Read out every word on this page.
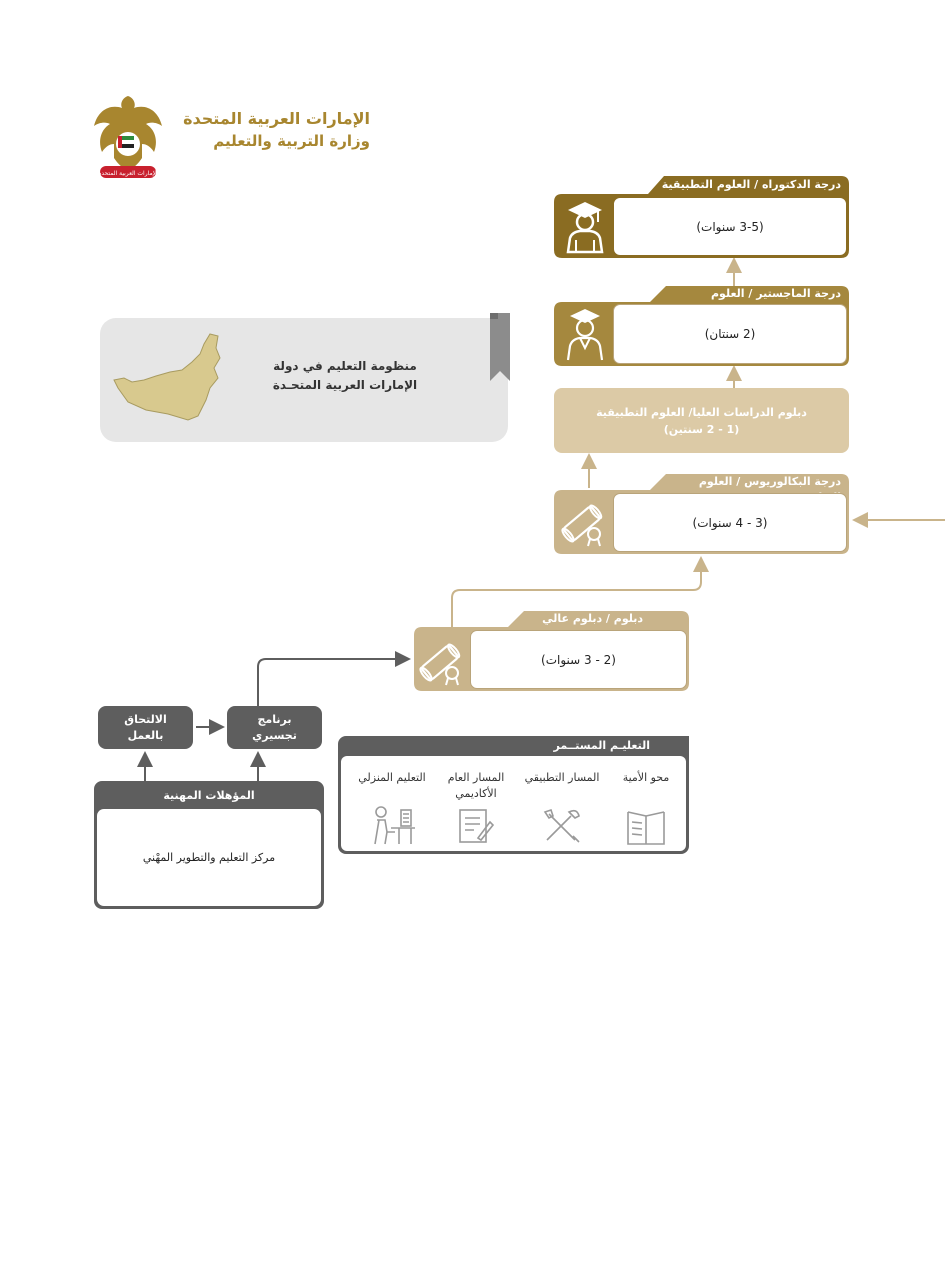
الإمارات العربية المتحدة
الإمارات العربية المتحدة
وزارة التربية والتعليم
منظومة التعليم في دولة
الإمارات العربية المتحـدة
درجة الدكتوراه / العلوم التطبيقية
(3-5 سنوات)
درجة الماجستير / العلوم
(2 سنتان)
دبلوم الدراسات العليا/ العلوم التطبيقية
(1 - 2 سنتين)
درجة البكالوريوس / العلوم
(3 - 4 سنوات)
دبلوم / دبلوم عالي
(2 - 3 سنوات)
الالتحاق
بالعمل
برنامج
تجسيري
المؤهلات المهنية
مركز التعليم والتطوير المهْني
التعليـم المستــمر
محو الأمية
المسار التطبيقي
المسار العام الأكاديمي
التعليم المنزلي
